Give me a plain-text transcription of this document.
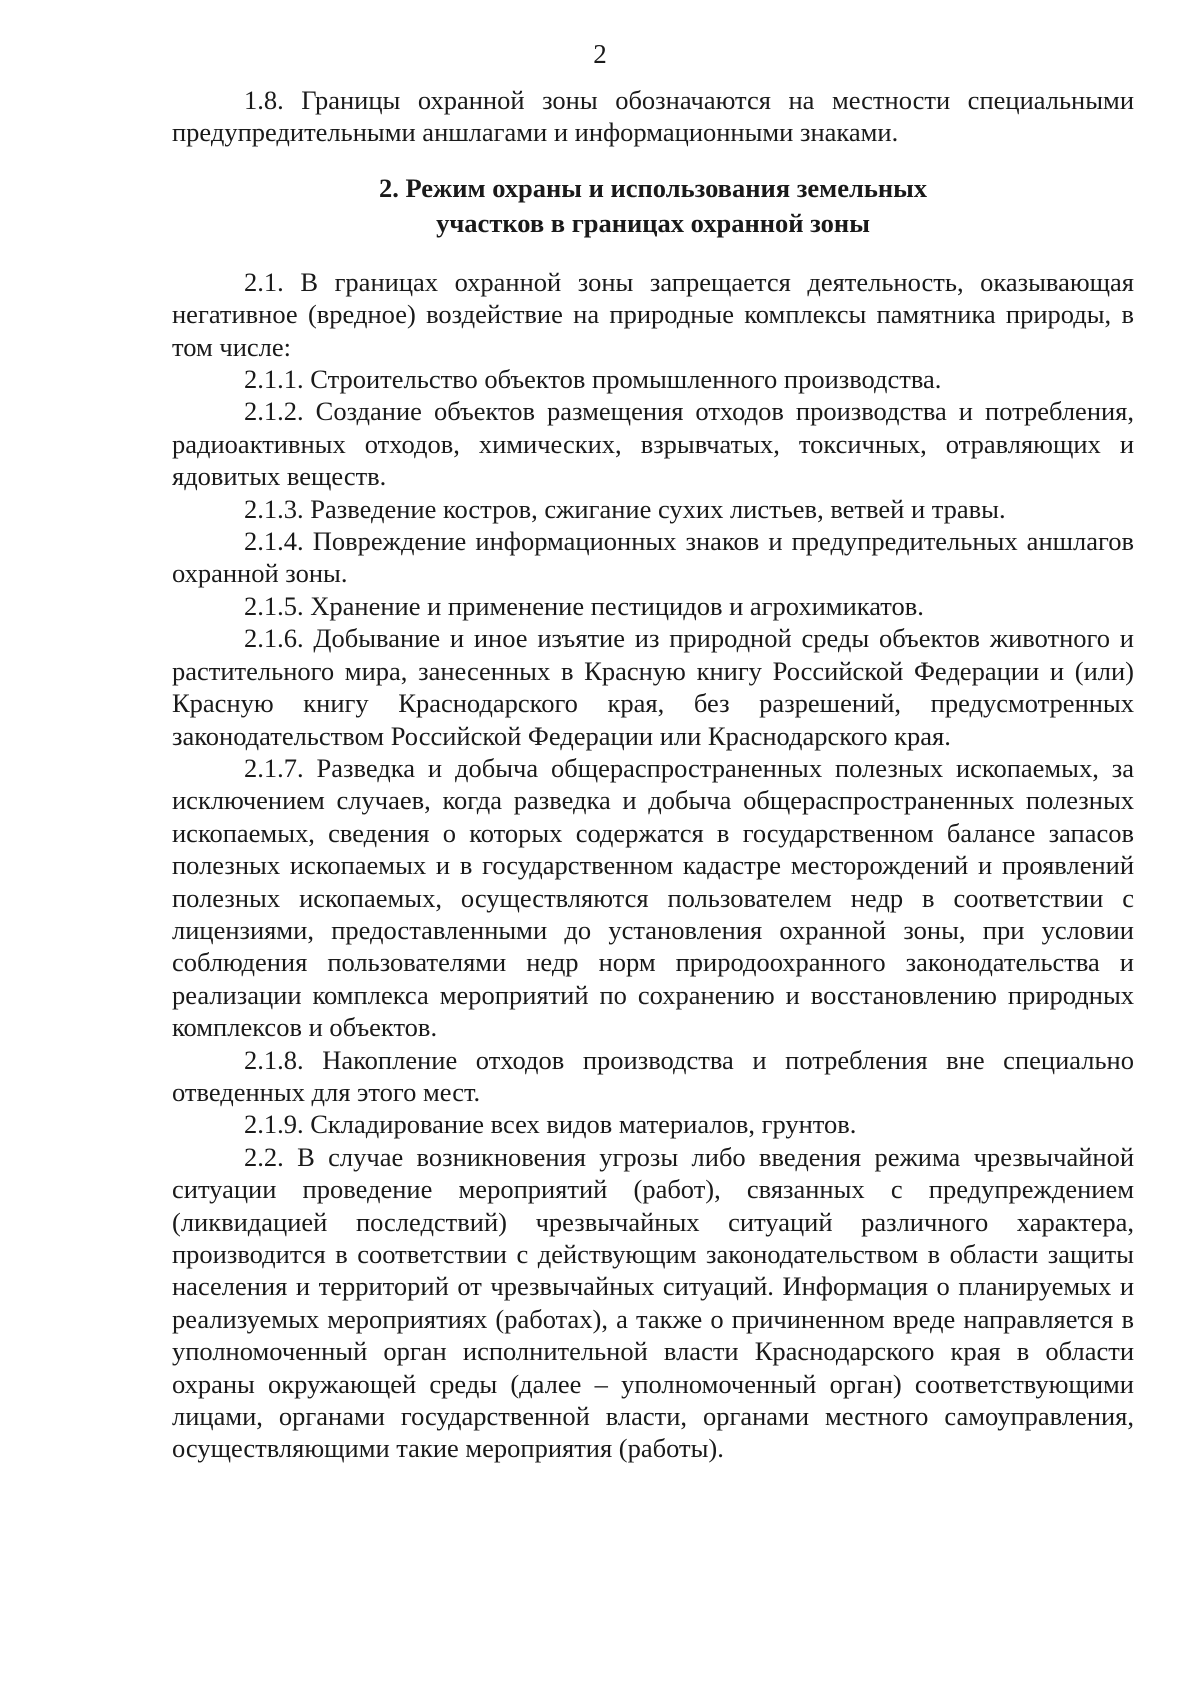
2

1.8. Границы охранной зоны обозначаются на местности специальными предупредительными аншлагами и информационными знаками.

2. Режим охраны и использования земельных

участков в границах охранной зоны

2.1. В границах охранной зоны запрещается деятельность, оказывающая негативное (вредное) воздействие на природные комплексы памятника природы, в том числе:

2.1.1. Строительство объектов промышленного производства.

2.1.2. Создание объектов размещения отходов производства и потребления, радиоактивных отходов, химических, взрывчатых, токсичных, отравляющих и ядовитых веществ.

2.1.3. Разведение костров, сжигание сухих листьев, ветвей и травы.

2.1.4. Повреждение информационных знаков и предупредительных аншлагов охранной зоны.

2.1.5. Хранение и применение пестицидов и агрохимикатов.

2.1.6. Добывание и иное изъятие из природной среды объектов животного и растительного мира, занесенных в Красную книгу Российской Федерации и (или) Красную книгу Краснодарского края, без разрешений, предусмотренных законодательством Российской Федерации или Краснодарского края.

2.1.7. Разведка и добыча общераспространенных полезных ископаемых, за исключением случаев, когда разведка и добыча общераспространенных полезных ископаемых, сведения о которых содержатся в государственном балансе запасов полезных ископаемых и в государственном кадастре месторождений и проявлений полезных ископаемых, осуществляются пользователем недр в соответствии с лицензиями, предоставленными до установления охранной зоны, при условии соблюдения пользователями недр норм природоохранного законодательства и реализации комплекса мероприятий по сохранению и восстановлению природных комплексов и объектов.

2.1.8. Накопление отходов производства и потребления вне специально отведенных для этого мест.

2.1.9. Складирование всех видов материалов, грунтов.

2.2. В случае возникновения угрозы либо введения режима чрезвычайной ситуации проведение мероприятий (работ), связанных с предупреждением (ликвидацией последствий) чрезвычайных ситуаций различного характера, производится в соответствии с действующим законодательством в области защиты населения и территорий от чрезвычайных ситуаций. Информация о планируемых и реализуемых мероприятиях (работах), а также о причиненном вреде направляется в уполномоченный орган исполнительной власти Краснодарского края в области охраны окружающей среды (далее – уполномоченный орган) соответствующими лицами, органами государственной власти, органами местного самоуправления, осуществляющими такие мероприятия (работы).
